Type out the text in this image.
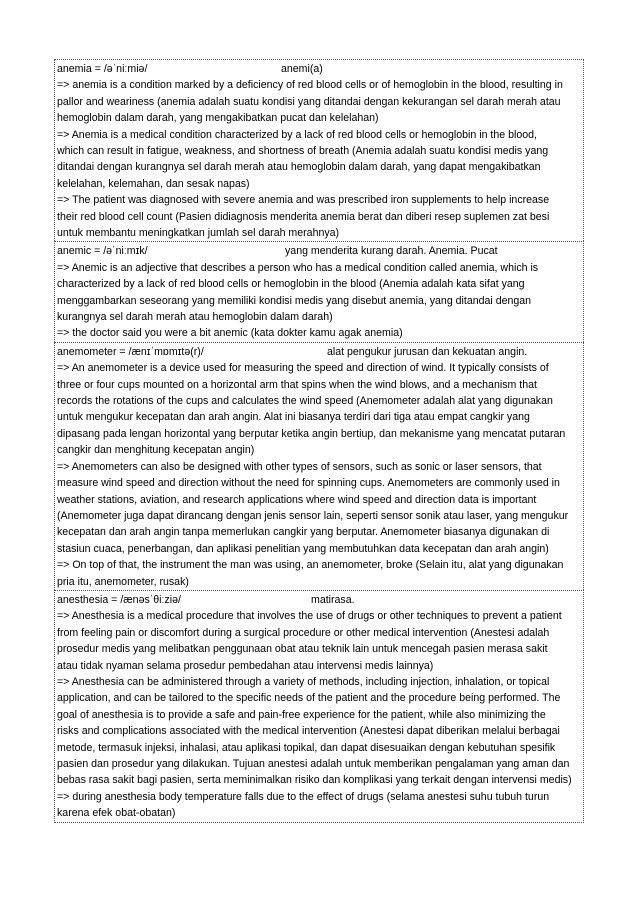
anemia = /əˈniːmiə/	anemi(a)

=> anemia is a condition marked by a deficiency of red blood cells or of hemoglobin in the blood, resulting in

pallor and weariness (anemia adalah suatu kondisi yang ditandai dengan kekurangan sel darah merah atau

hemoglobin dalam darah, yang mengakibatkan pucat dan kelelahan)

=> Anemia is a medical condition characterized by a lack of red blood cells or hemoglobin in the blood,

which can result in fatigue, weakness, and shortness of breath (Anemia adalah suatu kondisi medis yang

ditandai dengan kurangnya sel darah merah atau hemoglobin dalam darah, yang dapat mengakibatkan

kelelahan, kelemahan, dan sesak napas)

=> The patient was diagnosed with severe anemia and was prescribed iron supplements to help increase

their red blood cell count (Pasien didiagnosis menderita anemia berat dan diberi resep suplemen zat besi

untuk membantu meningkatkan jumlah sel darah merahnya)

anemic = /əˈniːmɪk/	yang menderita kurang darah. Anemia. Pucat

=> Anemic is an adjective that describes a person who has a medical condition called anemia, which is

characterized by a lack of red blood cells or hemoglobin in the blood (Anemia adalah kata sifat yang

menggambarkan seseorang yang memiliki kondisi medis yang disebut anemia, yang ditandai dengan

kurangnya sel darah merah atau hemoglobin dalam darah)

=> the doctor said you were a bit anemic (kata dokter kamu agak anemia)

anemometer = /ænɪˈmɒmɪtə(r)/	alat pengukur jurusan dan kekuatan angin.

=> An anemometer is a device used for measuring the speed and direction of wind. It typically consists of

three or four cups mounted on a horizontal arm that spins when the wind blows, and a mechanism that

records the rotations of the cups and calculates the wind speed (Anemometer adalah alat yang digunakan

untuk mengukur kecepatan dan arah angin. Alat ini biasanya terdiri dari tiga atau empat cangkir yang

dipasang pada lengan horizontal yang berputar ketika angin bertiup, dan mekanisme yang mencatat putaran

cangkir dan menghitung kecepatan angin)

=> Anemometers can also be designed with other types of sensors, such as sonic or laser sensors, that

measure wind speed and direction without the need for spinning cups. Anemometers are commonly used in

weather stations, aviation, and research applications where wind speed and direction data is important

(Anemometer juga dapat dirancang dengan jenis sensor lain, seperti sensor sonik atau laser, yang mengukur

kecepatan dan arah angin tanpa memerlukan cangkir yang berputar. Anemometer biasanya digunakan di

stasiun cuaca, penerbangan, dan aplikasi penelitian yang membutuhkan data kecepatan dan arah angin)

=> On top of that, the instrument the man was using, an anemometer, broke (Selain itu, alat yang digunakan

pria itu, anemometer, rusak)

anesthesia = /ænəsˈθiːziə/	matirasa.

=> Anesthesia is a medical procedure that involves the use of drugs or other techniques to prevent a patient

from feeling pain or discomfort during a surgical procedure or other medical intervention (Anestesi adalah

prosedur medis yang melibatkan penggunaan obat atau teknik lain untuk mencegah pasien merasa sakit

atau tidak nyaman selama prosedur pembedahan atau intervensi medis lainnya)

=> Anesthesia can be administered through a variety of methods, including injection, inhalation, or topical

application, and can be tailored to the specific needs of the patient and the procedure being performed. The

goal of anesthesia is to provide a safe and pain-free experience for the patient, while also minimizing the

risks and complications associated with the medical intervention (Anestesi dapat diberikan melalui berbagai

metode, termasuk injeksi, inhalasi, atau aplikasi topikal, dan dapat disesuaikan dengan kebutuhan spesifik

pasien dan prosedur yang dilakukan. Tujuan anestesi adalah untuk memberikan pengalaman yang aman dan

bebas rasa sakit bagi pasien, serta meminimalkan risiko dan komplikasi yang terkait dengan intervensi medis)

=> during anesthesia body temperature falls due to the effect of drugs (selama anestesi suhu tubuh turun

karena efek obat-obatan)
